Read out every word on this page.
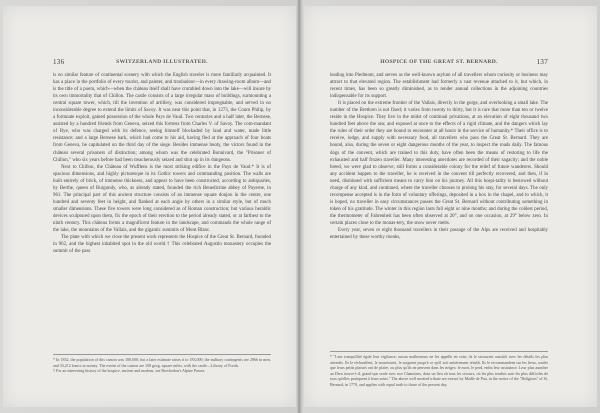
136	SWITZERLAND ILLUSTRATED.

is no similar feature of continental scenery with which the English traveler is more familiarly acquainted. It has a place in the portfolio of every tourist, and painter, and troubadour—in every drawing-room album—and is the title of a poem, which—when the château itself shall have crumbled down into the lake—will insure by its own immortality that of Chillon. The castle consists of a large irregular mass of buildings, surmounting a central square tower, which, till the invention of artillery, was considered impregnable, and served in no inconsiderable degree to extend the limits of Savoy. It was near this point that, in 1273, the Count Philip, by a fortunate exploit, gained possession of the whole Pays de Vaud. Two centuries and a half later, the Bernese, assisted by a hundred friends from Geneva, seized this fortress from Charles V. of Savoy. The com-mandant of Bye, who was charged with its defence, seeing himself blockaded by land and water, made little resistance; and a large Bernese bark, which had come to his aid, having fled at the approach of four boats from Geneva, he capitulated on the third day of the siege. Besides immense booty, the victors found in the château several prisoners of distinction; among whom was the celebrated Bonnivard, the "Prisoner of Chillon," who six years before had been treacherously seized and shut up in its dungeons.

Next to Chillon, the Château of Wufflens is the most striking edifice in the Pays de Vaud.* It is of spacious dimensions, and highly picturesque in its Gothic towers and commanding position. The walls are built entirely of brick, of immense thickness, and appear to have been constructed, according to antiquaries, by Berthe, queen of Burgundy, who, as already stated, founded the rich Benedictine abbey of Payerne, in 961. The principal part of this ancient structure consists of an immense square donjon in the centre, one hundred and seventy feet in height, and flanked at each angle by others in a similar style, but of much smaller dimensions. These five towers were long considered as of Roman construction; but various heraldic devices sculptured upon them, fix the epoch of their erection to the period already stated, or at farthest to the ninth century. This château forms a magnificent feature in the landscape, and commands the whole range of the lake, the mountains of the Vallais, and the gigantic summits of Mont Blanc.

The plate with which we close the present work represents the Hospice of the Great St. Bernard, founded in 962, and the highest inhabited spot in the old world.† This celebrated Augustin monastery occupies the summit of the pass

* In 1832, the population of this canton was 180,000; but a later estimate raises it to 183,000; the military contingents are 2966 in men, and 33,212 francs in money. The extent of the canton are 108 geog. square miles, with the castle—Library of Foods.

† For an interesting history of the hospice, ancient and modern, see Brockedon's Alpine Passes.

HOSPICE OF THE GREAT ST. BERNARD.	137

leading into Piedmont, and serves as the well-known asylum of all travellers whom curiosity or business may attract to that elevated region. The establishment had formerly a vast revenue attached to it, but which, in recent times, has been so greatly diminished, as to render annual collections in the adjoining countries indispensable for its support.

It is placed on the extreme frontier of the Vallais, directly in the gorge, and overlooking a small lake. The number of the Brethren is not fixed; it varies from twenty to thirty, but it is rare that more than ten or twelve reside in the Hospice. They live in the midst of continual privations, at an elevation of eight thousand two hundred feet above the sea; and exposed at once to the effects of a rigid climate, and the dangers which lay the rules of their order they are bound to encounter at all hours in the service of humanity.* Their office is to receive, lodge, and supply with necessary food, all travellers who pass the Great St. Bernard. They are bound, also, during the seven or eight dangerous months of the year, to inspect the roads daily. The famous dogs of the convent, which are trained to this duty, have often been the means of restoring to life the exhausted and half frozen traveller. Many interesting anecdotes are recorded of their sagacity; and the noble breed, we were glad to observe, still forms a considerable colony for the relief of future wanderers. Should any accident happen to the traveller, he is received in the convent till perfectly recovered, and then, if in need, dismissed with sufficient means to carry him on his journey. All this hospi-tality is bestowed without charge of any kind, and continued, where the traveller chooses to prolong his stay, for several days. The only recompense accepted is in the form of voluntary offerings, deposited in a box in the chapel, and to which, it is hoped, no traveller in easy circumstances passes the Great St. Bernard without contributing something in token of his gratitude. The winter in this region lasts full eight or nine months; and during the coldest period, the thermometer of Fahrenheit has been often observed at 20°, and on one occasion, at 29° below zero. In certain places close to the monas-tery, the snow never melts.

Every year, seven or eight thousand travellers in their passage of the Alps are received and hospitably entertained by these worthy monks,

* "Leur tranquillité égale leur vigilance; aucun malheureux ne les appelle en vain; ils le secourent aussitôt avec les détails les plus attentifs. Ils le réchauffent, le nourrissent, le soignent jusqu'à ce qu'il soit entièrement rétabli. Ils le recommandent sur les lieux, soulés que leurs petits plaisirs ont de plaire, ou plus qu'ils ne peuvent dans les neiges: le mort, le perd, enfin leur assistance. Leur plus aumône au Dieu trouve-t-il, grand que seule avec nos Chanoines, dans un lieu où tous les secours, où les plus tendres sont les plus difficiles de tous qu'elles pratiquent à leurs soins." The above well merited tribute are extract by Madle de Pau, in the notice of the "Religious" of St. Bernard, in 1770, and applies with equal truth to those of the present day.
